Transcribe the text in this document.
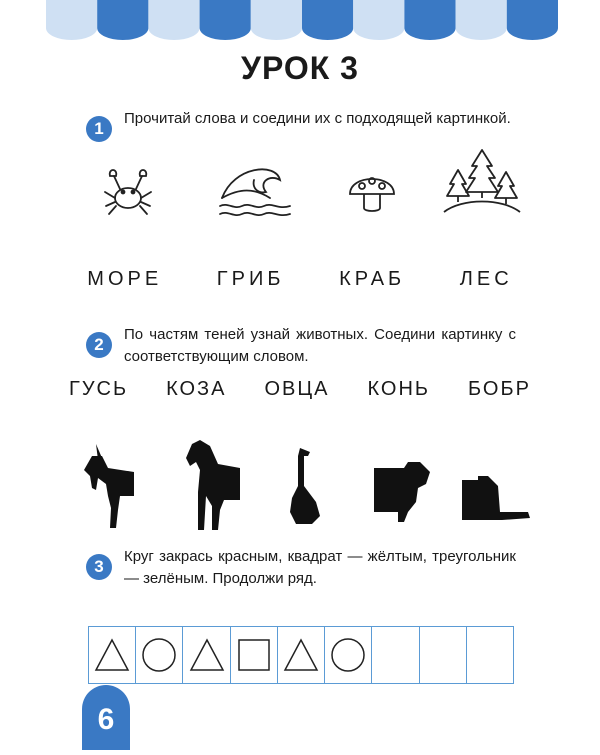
УРОК 3
1

Прочитай слова и соедини их с подходящей картинкой.

МОРЕ	ГРИБ	КРАБ	ЛЕС
2

По частям теней узнай животных. Соедини картинку с соответствующим словом.

ГУСЬ КОЗА ОВЦА КОНЬ БОБР
3

Круг закрась красным, квадрат — жёлтым, треугольник — зелёным. Продолжи ряд.

6
